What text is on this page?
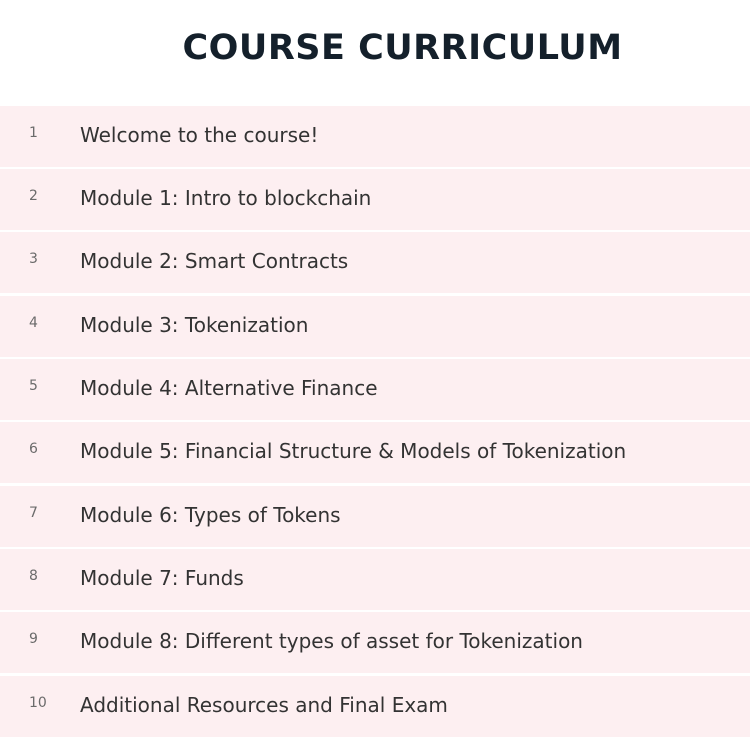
COURSE CURRICULUM
1 Welcome to the course!
2 Module 1: Intro to blockchain
3 Module 2: Smart Contracts
4 Module 3: Tokenization
5 Module 4: Alternative Finance
6 Module 5: Financial Structure & Models of Tokenization
7 Module 6: Types of Tokens
8 Module 7: Funds
9 Module 8: Different types of asset for Tokenization
10 Additional Resources and Final Exam
